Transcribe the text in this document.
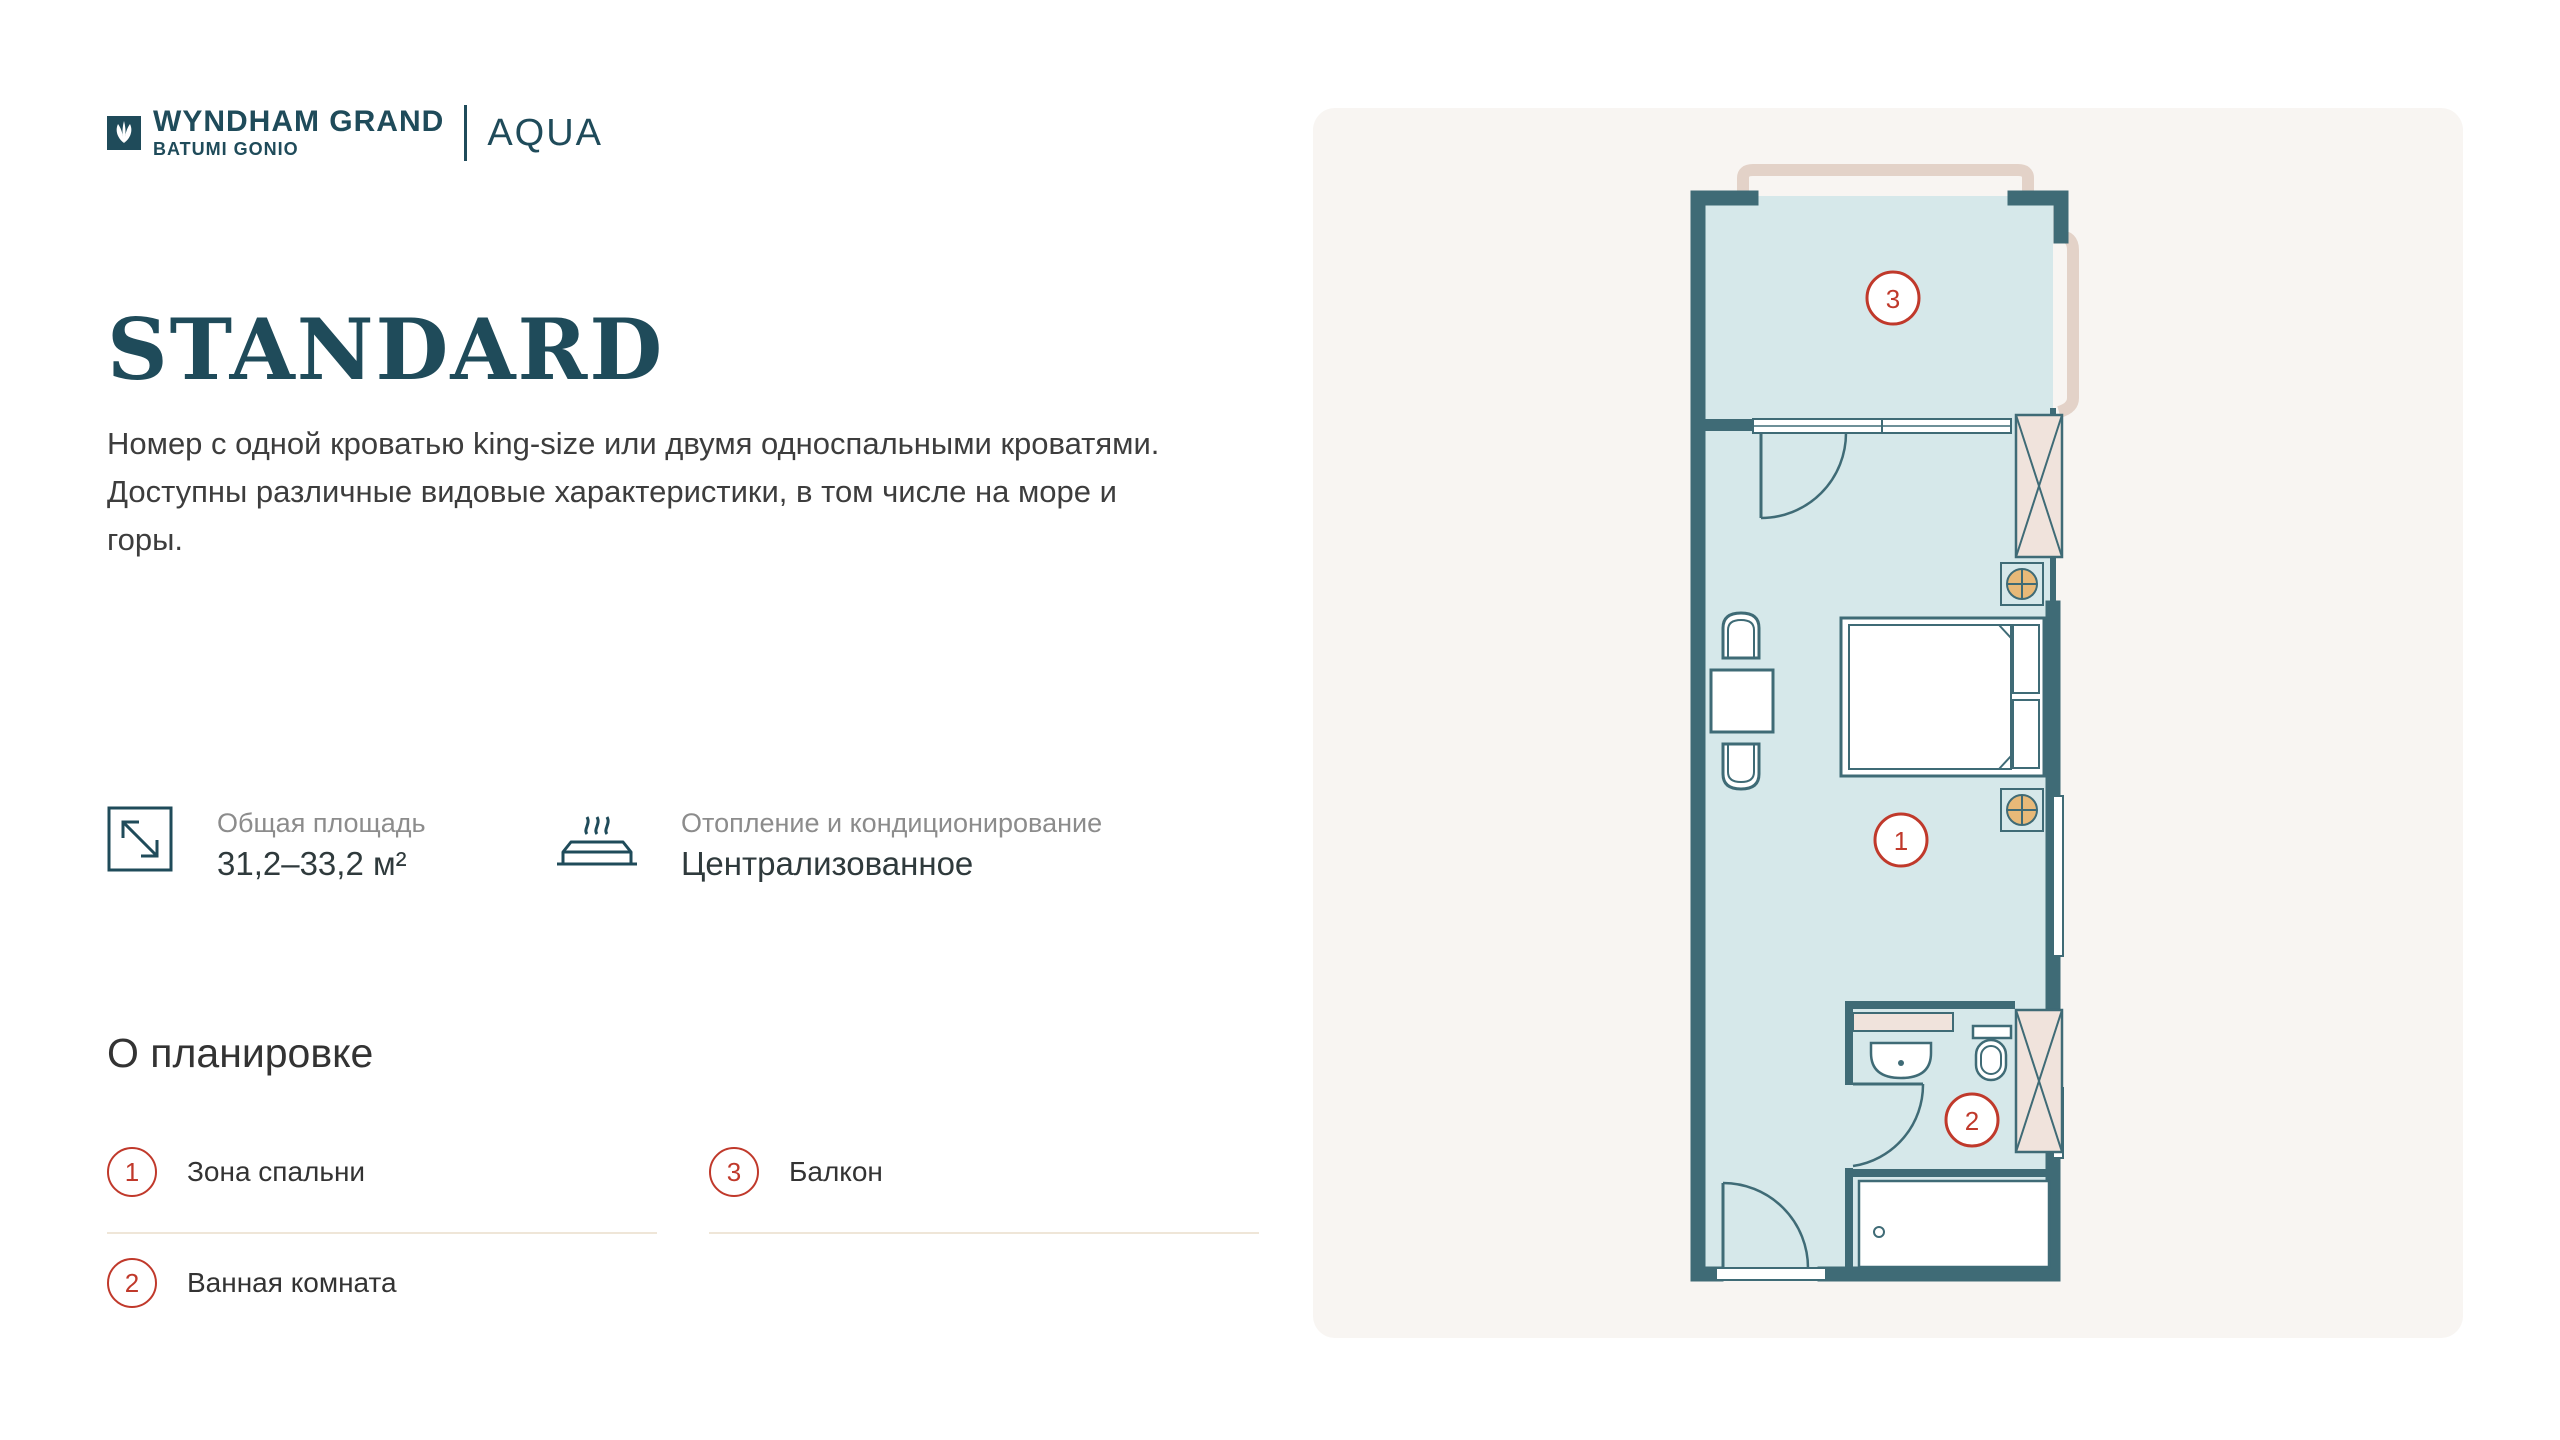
WYNDHAM GRAND
BATUMI GONIO	AQUA
STANDARD

Номер с одной кроватью king-size или двумя односпальными кроватями. Доступны различные видовые характеристики, в том числе на море и горы.

Общая площадь
31,2–33,2 м²
Отопление и кондиционирование
Централизованное
О планировке
1	Зона спальни	3	Балкон
2	Ванная комната
3
1
2
